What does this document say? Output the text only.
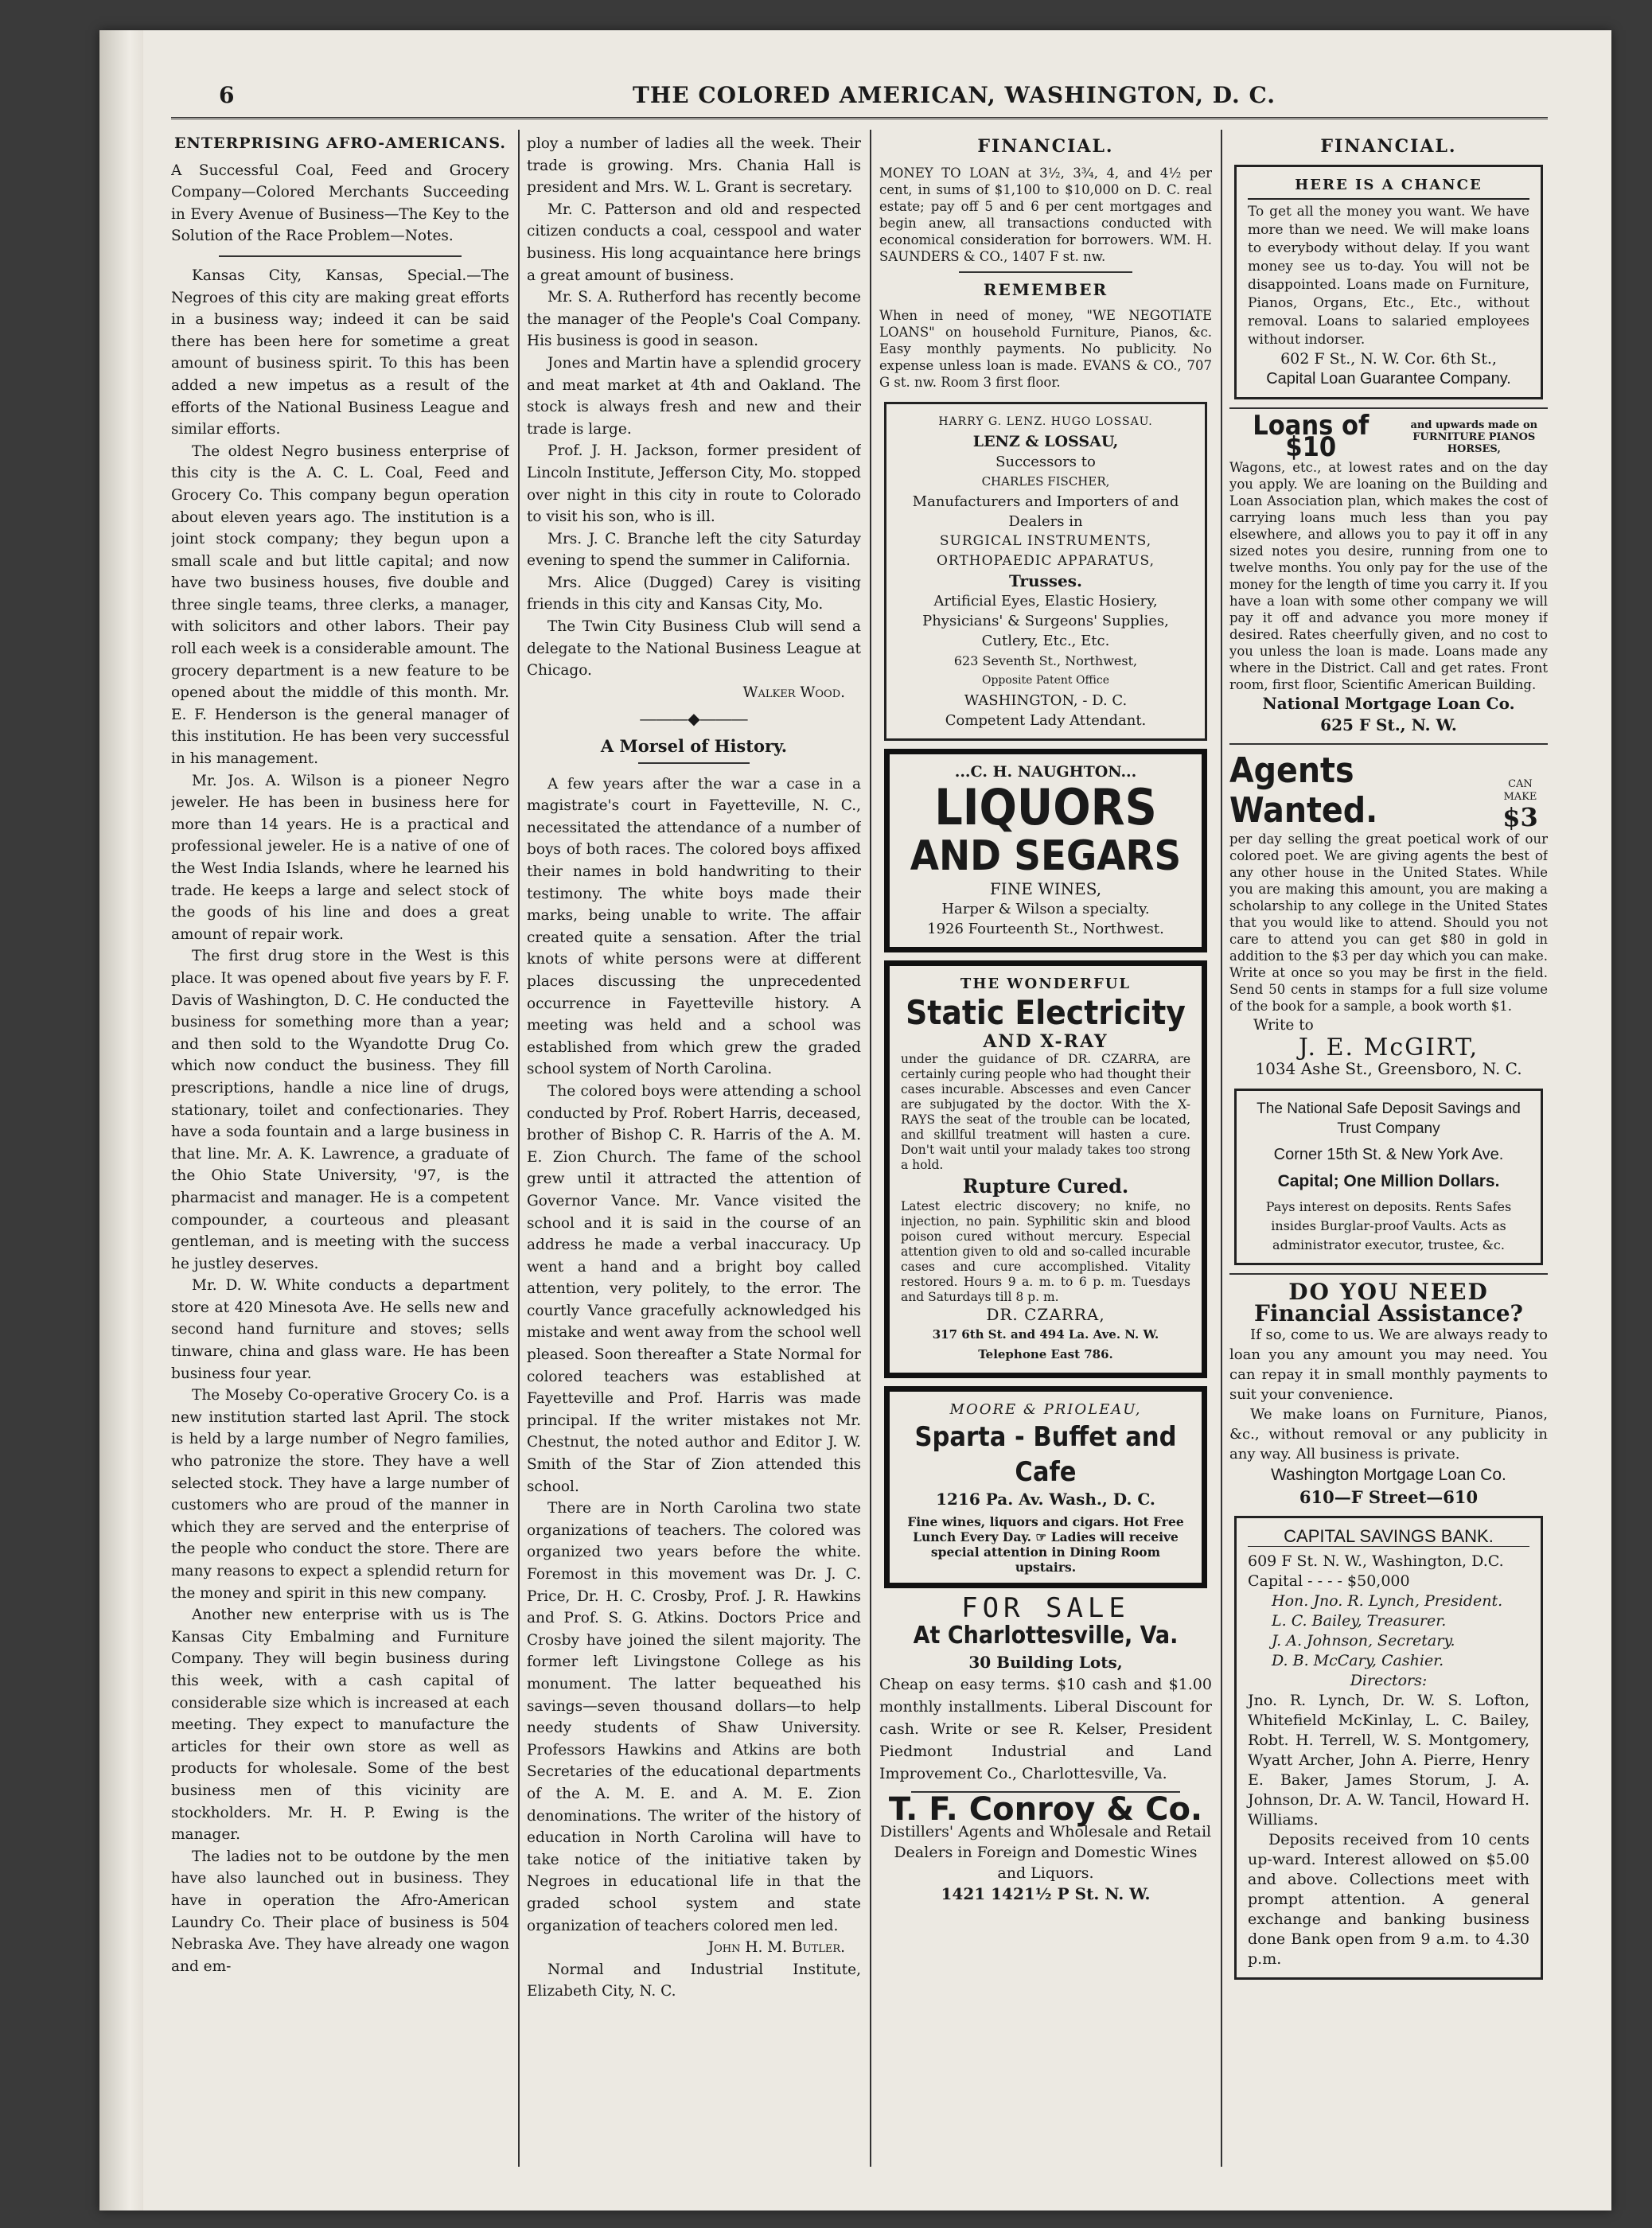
6	THE COLORED AMERICAN, WASHINGTON, D. C.
ENTERPRISING AFRO-AMERICANS.

A Successful Coal, Feed and Grocery Company—Colored Merchants Succeeding in Every Avenue of Business—The Key to the Solution of the Race Problem—Notes.

Kansas City, Kansas, Special.—The Negroes of this city are making great efforts in a business way; indeed it can be said there has been here for sometime a great amount of business spirit. To this has been added a new impetus as a result of the efforts of the National Business League and similar efforts.

The oldest Negro business enterprise of this city is the A. C. L. Coal, Feed and Grocery Co. This company begun operation about eleven years ago. The institution is a joint stock company; they begun upon a small scale and but little capital; and now have two business houses, five double and three single teams, three clerks, a manager, with solicitors and other labors. Their pay roll each week is a considerable amount. The grocery department is a new feature to be opened about the middle of this month. Mr. E. F. Henderson is the general manager of this institution. He has been very successful in his management.

Mr. Jos. A. Wilson is a pioneer Negro jeweler. He has been in business here for more than 14 years. He is a practical and professional jeweler. He is a native of one of the West India Islands, where he learned his trade. He keeps a large and select stock of the goods of his line and does a great amount of repair work.

The first drug store in the West is this place. It was opened about five years by F. F. Davis of Washington, D. C. He conducted the business for something more than a year; and then sold to the Wyandotte Drug Co. which now conduct the business. They fill prescriptions, handle a nice line of drugs, stationary, toilet and confectionaries. They have a soda fountain and a large business in that line. Mr. A. K. Lawrence, a graduate of the Ohio State University, '97, is the pharmacist and manager. He is a competent compounder, a courteous and pleasant gentleman, and is meeting with the success he justley deserves.

Mr. D. W. White conducts a department store at 420 Minesota Ave. He sells new and second hand furniture and stoves; sells tinware, china and glass ware. He has been business four year.

The Moseby Co-operative Grocery Co. is a new institution started last April. The stock is held by a large number of Negro families, who patronize the store. They have a well selected stock. They have a large number of customers who are proud of the manner in which they are served and the enterprise of the people who conduct the store. There are many reasons to expect a splendid return for the money and spirit in this new company.

Another new enterprise with us is The Kansas City Embalming and Furniture Company. They will begin business during this week, with a cash capital of considerable size which is increased at each meeting. They expect to manufacture the articles for their own store as well as products for wholesale. Some of the best business men of this vicinity are stockholders. Mr. H. P. Ewing is the manager.

The ladies not to be outdone by the men have also launched out in business. They have in operation the Afro-American Laundry Co. Their place of business is 504 Nebraska Ave. They have already one wagon and em-

ploy a number of ladies all the week. Their trade is growing. Mrs. Chania Hall is president and Mrs. W. L. Grant is secretary.

Mr. C. Patterson and old and respected citizen conducts a coal, cesspool and water business. His long acquaintance here brings a great amount of business.

Mr. S. A. Rutherford has recently become the manager of the People's Coal Company. His business is good in season.

Jones and Martin have a splendid grocery and meat market at 4th and Oakland. The stock is always fresh and new and their trade is large.

Prof. J. H. Jackson, former president of Lincoln Institute, Jefferson City, Mo. stopped over night in this city in route to Colorado to visit his son, who is ill.

Mrs. J. C. Branche left the city Saturday evening to spend the summer in California.

Mrs. Alice (Dugged) Carey is visiting friends in this city and Kansas City, Mo.

The Twin City Business Club will send a delegate to the National Business League at Chicago.

Walker Wood.

―――◆―――
A Morsel of History.

A few years after the war a case in a magistrate's court in Fayetteville, N. C., necessitated the attendance of a number of boys of both races. The colored boys affixed their names in bold handwriting to their testimony. The white boys made their marks, being unable to write. The affair created quite a sensation. After the trial knots of white persons were at different places discussing the unprecedented occurrence in Fayetteville history. A meeting was held and a school was established from which grew the graded school system of North Carolina.

The colored boys were attending a school conducted by Prof. Robert Harris, deceased, brother of Bishop C. R. Harris of the A. M. E. Zion Church. The fame of the school grew until it attracted the attention of Governor Vance. Mr. Vance visited the school and it is said in the course of an address he made a verbal inaccuracy. Up went a hand and a bright boy called attention, very politely, to the error. The courtly Vance gracefully acknowledged his mistake and went away from the school well pleased. Soon thereafter a State Normal for colored teachers was established at Fayetteville and Prof. Harris was made principal. If the writer mistakes not Mr. Chestnut, the noted author and Editor J. W. Smith of the Star of Zion attended this school.

There are in North Carolina two state organizations of teachers. The colored was organized two years before the white. Foremost in this movement was Dr. J. C. Price, Dr. H. C. Crosby, Prof. J. R. Hawkins and Prof. S. G. Atkins. Doctors Price and Crosby have joined the silent majority. The former left Livingstone College as his monument. The latter bequeathed his savings—seven thousand dollars—to help needy students of Shaw University. Professors Hawkins and Atkins are both Secretaries of the educational departments of the A. M. E. and A. M. E. Zion denominations. The writer of the history of education in North Carolina will have to take notice of the initiative taken by Negroes in educational life in that the graded school system and state organization of teachers colored men led.

John H. M. Butler.

Normal and Industrial Institute, Elizabeth City, N. C.

FINANCIAL.

MONEY TO LOAN at 3½, 3¾, 4, and 4½ per cent, in sums of $1,100 to $10,000 on D. C. real estate; pay off 5 and 6 per cent mortgages and begin anew, all transactions conducted with economical consideration for borrowers. WM. H. SAUNDERS & CO., 1407 F st. nw.

REMEMBER

When in need of money, "WE NEGOTIATE LOANS" on household Furniture, Pianos, &c. Easy monthly payments. No publicity. No expense unless loan is made. EVANS & CO., 707 G st. nw. Room 3 first floor.

HARRY G. LENZ. HUGO LOSSAU.
LENZ & LOSSAU,
Successors to
CHARLES FISCHER,
Manufacturers and Importers of and Dealers in
SURGICAL INSTRUMENTS,
ORTHOPAEDIC APPARATUS,
Trusses.
Artificial Eyes, Elastic Hosiery, Physicians' & Surgeons' Supplies, Cutlery, Etc., Etc.
623 Seventh St., Northwest,
Opposite Patent Office
WASHINGTON, - D. C.
Competent Lady Attendant.
...C. H. NAUGHTON...
LIQUORS
AND SEGARS
FINE WINES,
Harper & Wilson a specialty.
1926 Fourteenth St., Northwest.
THE WONDERFUL
Static Electricity
AND X-RAY
under the guidance of DR. CZARRA, are certainly curing people who had thought their cases incurable. Abscesses and even Cancer are subjugated by the doctor. With the X-RAYS the seat of the trouble can be located, and skillful treatment will hasten a cure. Don't wait until your malady takes too strong a hold.
Rupture Cured.
Latest electric discovery; no knife, no injection, no pain. Syphilitic skin and blood poison cured without mercury. Especial attention given to old and so-called incurable cases and cure accomplished. Vitality restored. Hours 9 a. m. to 6 p. m. Tuesdays and Saturdays till 8 p. m.
DR. CZARRA,
317 6th St. and 494 La. Ave. N. W.
Telephone East 786.
MOORE & PRIOLEAU,
Sparta - Buffet and Cafe
1216 Pa. Av. Wash., D. C.
Fine wines, liquors and cigars. Hot Free Lunch Every Day. ☞ Ladies will receive special attention in Dining Room upstairs.
FOR SALE
At Charlottesville, Va.
30 Building Lots,

Cheap on easy terms. $10 cash and $1.00 monthly installments. Liberal Discount for cash. Write or see R. Kelser, President Piedmont Industrial and Land Improvement Co., Charlottesville, Va.

T. F. Conroy & Co.
Distillers' Agents and Wholesale and Retail Dealers in Foreign and Domestic Wines and Liquors.
1421 1421½ P St. N. W.
FINANCIAL.
HERE IS A CHANCE
To get all the money you want. We have more than we need. We will make loans to everybody without delay. If you want money see us to-day. You will not be disappointed. Loans made on Furniture, Pianos, Organs, Etc., Etc., without removal. Loans to salaried employees without indorser.
602 F St., N. W. Cor. 6th St.,
Capital Loan Guarantee Company.
Loans of $10
and upwards made on FURNITURE PIANOS HORSES,
Wagons, etc., at lowest rates and on the day you apply. We are loaning on the Building and Loan Association plan, which makes the cost of carrying loans much less than you pay elsewhere, and allows you to pay it off in any sized notes you desire, running from one to twelve months. You only pay for the use of the money for the length of time you carry it. If you have a loan with some other company we will pay it off and advance you more money if desired. Rates cheerfully given, and no cost to you unless the loan is made. Loans made any where in the District. Call and get rates. Front room, first floor, Scientific American Building.
National Mortgage Loan Co.
625 F St., N. W.
Agents Wanted.
CAN MAKE
$3
per day selling the great poetical work of our colored poet. We are giving agents the best of any other house in the United States. While you are making this amount, you are making a scholarship to any college in the United States that you would like to attend. Should you not care to attend you can get $80 in gold in addition to the $3 per day which you can make. Write at once so you may be first in the field. Send 50 cents in stamps for a full size volume of the book for a sample, a book worth $1.
Write to
J. E. McGIRT,
1034 Ashe St., Greensboro, N. C.
The National Safe Deposit Savings and Trust Company
Corner 15th St. & New York Ave.
Capital; One Million Dollars.
Pays interest on deposits. Rents Safes insides Burglar-proof Vaults. Acts as administrator executor, trustee, &c.
DO YOU NEED
Financial Assistance?
If so, come to us. We are always ready to loan you any amount you may need. You can repay it in small monthly payments to suit your convenience.
We make loans on Furniture, Pianos, &c., without removal or any publicity in any way. All business is private.
Washington Mortgage Loan Co.
610—F Street—610
CAPITAL SAVINGS BANK.
609 F St. N. W., Washington, D.C.
Capital - - - - $50,000
Hon. Jno. R. Lynch, President.
L. C. Bailey, Treasurer.
J. A. Johnson, Secretary.
D. B. McCary, Cashier.
Directors:
Jno. R. Lynch, Dr. W. S. Lofton, Whitefield McKinlay, L. C. Bailey, Robt. H. Terrell, W. S. Montgomery, Wyatt Archer, John A. Pierre, Henry E. Baker, James Storum, J. A. Johnson, Dr. A. W. Tancil, Howard H. Williams.
Deposits received from 10 cents up-ward. Interest allowed on $5.00 and above. Collections meet with prompt attention. A general exchange and banking business done Bank open from 9 a.m. to 4.30 p.m.
